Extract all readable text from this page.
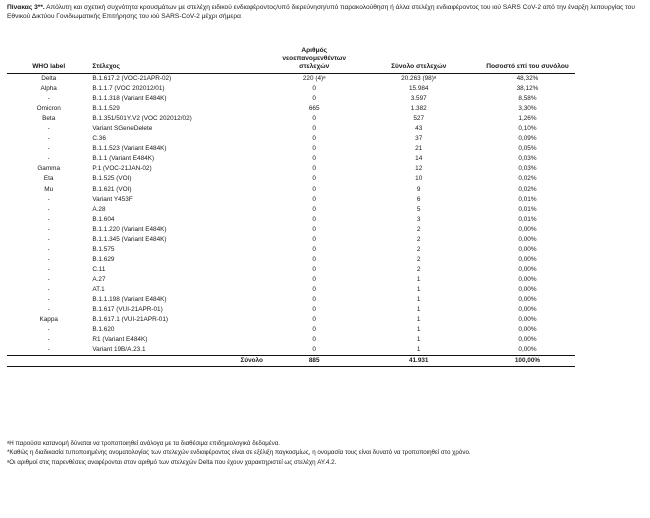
Πίνακας 3**. Απόλυτη και σχετική συχνότητα κρουσμάτων με στελέχη ειδικού ενδιαφέροντος/υπό διερεύνηση/υπό παρακολούθηση ή άλλα στελέχη ενδιαφέροντος του ιού SARS CoV-2 από την έναρξη λειτουργίας του Εθνικού Δικτύου Γονιδιωματικής Επιτήρησης του ιού SARS-CoV-2 μέχρι σήμερα
WHO label	Στέλεχος	Αριθμός νεοεπανομενθέντων στελεχών	Σύνολο στελεχών	Ποσοστό επί του συνόλου
Delta	B.1.617.2 (VOC-21APR-02)	220 (4)ᵃ	20.263 (98)ᵃ	48,32%
Alpha	B.1.1.7 (VOC 202012/01)	0	15.984	38,12%
-	B.1.1.318 (Variant E484K)	0	3.597	8,58%
Omicron	B.1.1.529	665	1.382	3,30%
Beta	B.1.351/501Y.V2 (VOC 202012/02)	0	527	1,26%
-	Variant SGeneDelete	0	43	0,10%
-	C.36	0	37	0,09%
-	B.1.1.523 (Variant E484K)	0	21	0,05%
-	B.1.1 (Variant E484K)	0	14	0,03%
Gamma	P.1 (VOC-21JAN-02)	0	12	0,03%
Eta	B.1.525 (VOI)	0	10	0,02%
Mu	B.1.621 (VOI)	0	9	0,02%
-	Variant Y453F	0	6	0,01%
-	A.28	0	5	0,01%
-	B.1.604	0	3	0,01%
-	B.1.1.220 (Variant E484K)	0	2	0,00%
-	B.1.1.345 (Variant E484K)	0	2	0,00%
-	B.1.575	0	2	0,00%
-	B.1.629	0	2	0,00%
-	C.11	0	2	0,00%
-	A.27	0	1	0,00%
-	AT.1	0	1	0,00%
-	B.1.1.198 (Variant E484K)	0	1	0,00%
-	B.1.617 (VUI-21APR-01)	0	1	0,00%
Kappa	B.1.617.1 (VUI-21APR-01)	0	1	0,00%
-	B.1.620	0	1	0,00%
-	R1 (Variant E484K)	0	1	0,00%
-	Variant 19B/A.23.1	0	1	0,00%
	Σύνολο	885	41.931	100,00%

ᵃΗ παρούσα κατανομή δύναται να τροποποιηθεί ανάλογα με τα διαθέσιμα επιδημιολογικά δεδομένα.

*Καθώς η διαδικασία τυποποιημένης ονοματολογίας των στελεχών ενδιαφέροντος είναι σε εξέλιξη παγκοσμίως, η ονομασία τους είναι δυνατό να τροποποιηθεί στο χρόνο.

ᵃΟι αριθμοί στις παρενθέσεις αναφέρονται στον αριθμό των στελεχών Delta που έχουν χαρακτηριστεί ως στελέχη AY.4.2.
